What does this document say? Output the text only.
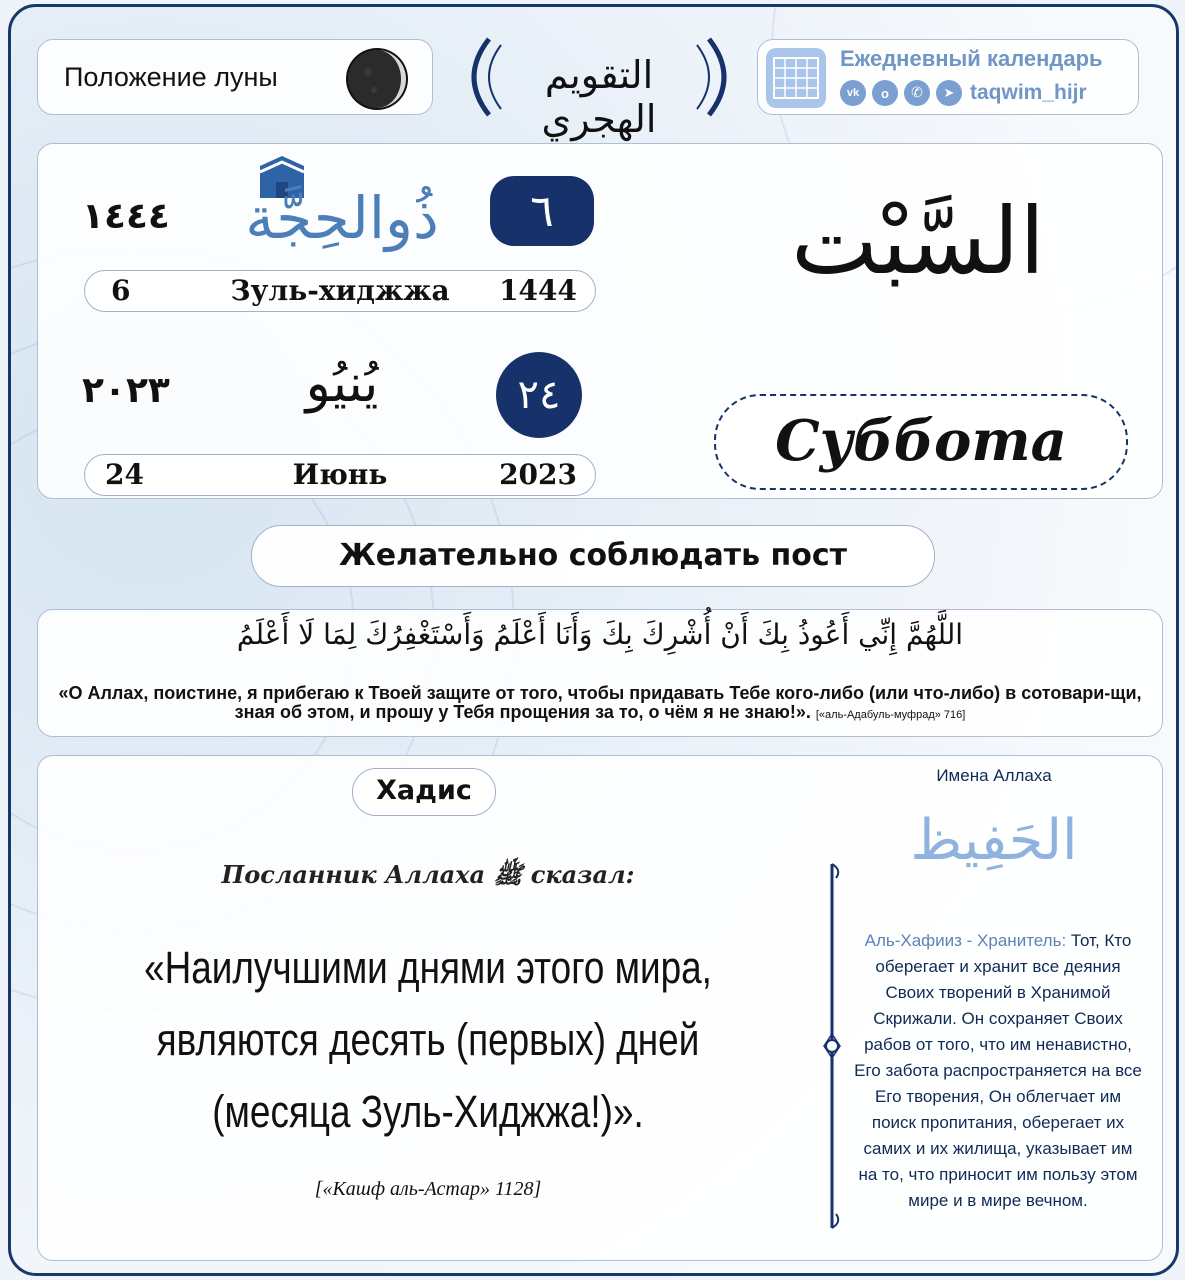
Положение луны	التقويم الهجري
Ежедневный календарь
vk	o	✆	➤ taqwim_hijr
١٤٤٤	ذُوالحِجَّة	٦
6	Зуль-хиджжа	1444
٢٠٢٣	يُنيُو	٢٤
24	Июнь	2023
السَّبْت
Суббота
Желательно соблюдать пост
اللَّهُمَّ إِنِّي أَعُوذُ بِكَ أَنْ أُشْرِكَ بِكَ وَأَنَا أَعْلَمُ وَأَسْتَغْفِرُكَ لِمَا لَا أَعْلَمُ
«О Аллах, поистине, я прибегаю к Твоей защите от того, чтобы придавать Тебе кого-либо (или что-либо) в сотовари-щи, зная об этом, и прошу у Тебя прощения за то, о чём я не знаю!». [«аль-Адабуль-муфрад» 716]
Хадис
Посланник Аллаха ﷺ сказал:
«Наилучшими днями этого мира, являются десять (первых) дней (месяца Зуль-Хиджжа!)».
[«Кашф аль-Астар» 1128]
Имена Аллаха
الحَفِيظ
Аль-Хафииз - Хранитель: Тот, Кто оберегает и хранит все деяния Своих творений в Хранимой Скрижали. Он сохраняет Своих рабов от того, что им ненавистно, Его забота распространяется на все Его творения, Он облегчает им поиск пропитания, оберегает их самих и их жилища, указывает им на то, что приносит им пользу этом мире и в мире вечном.
